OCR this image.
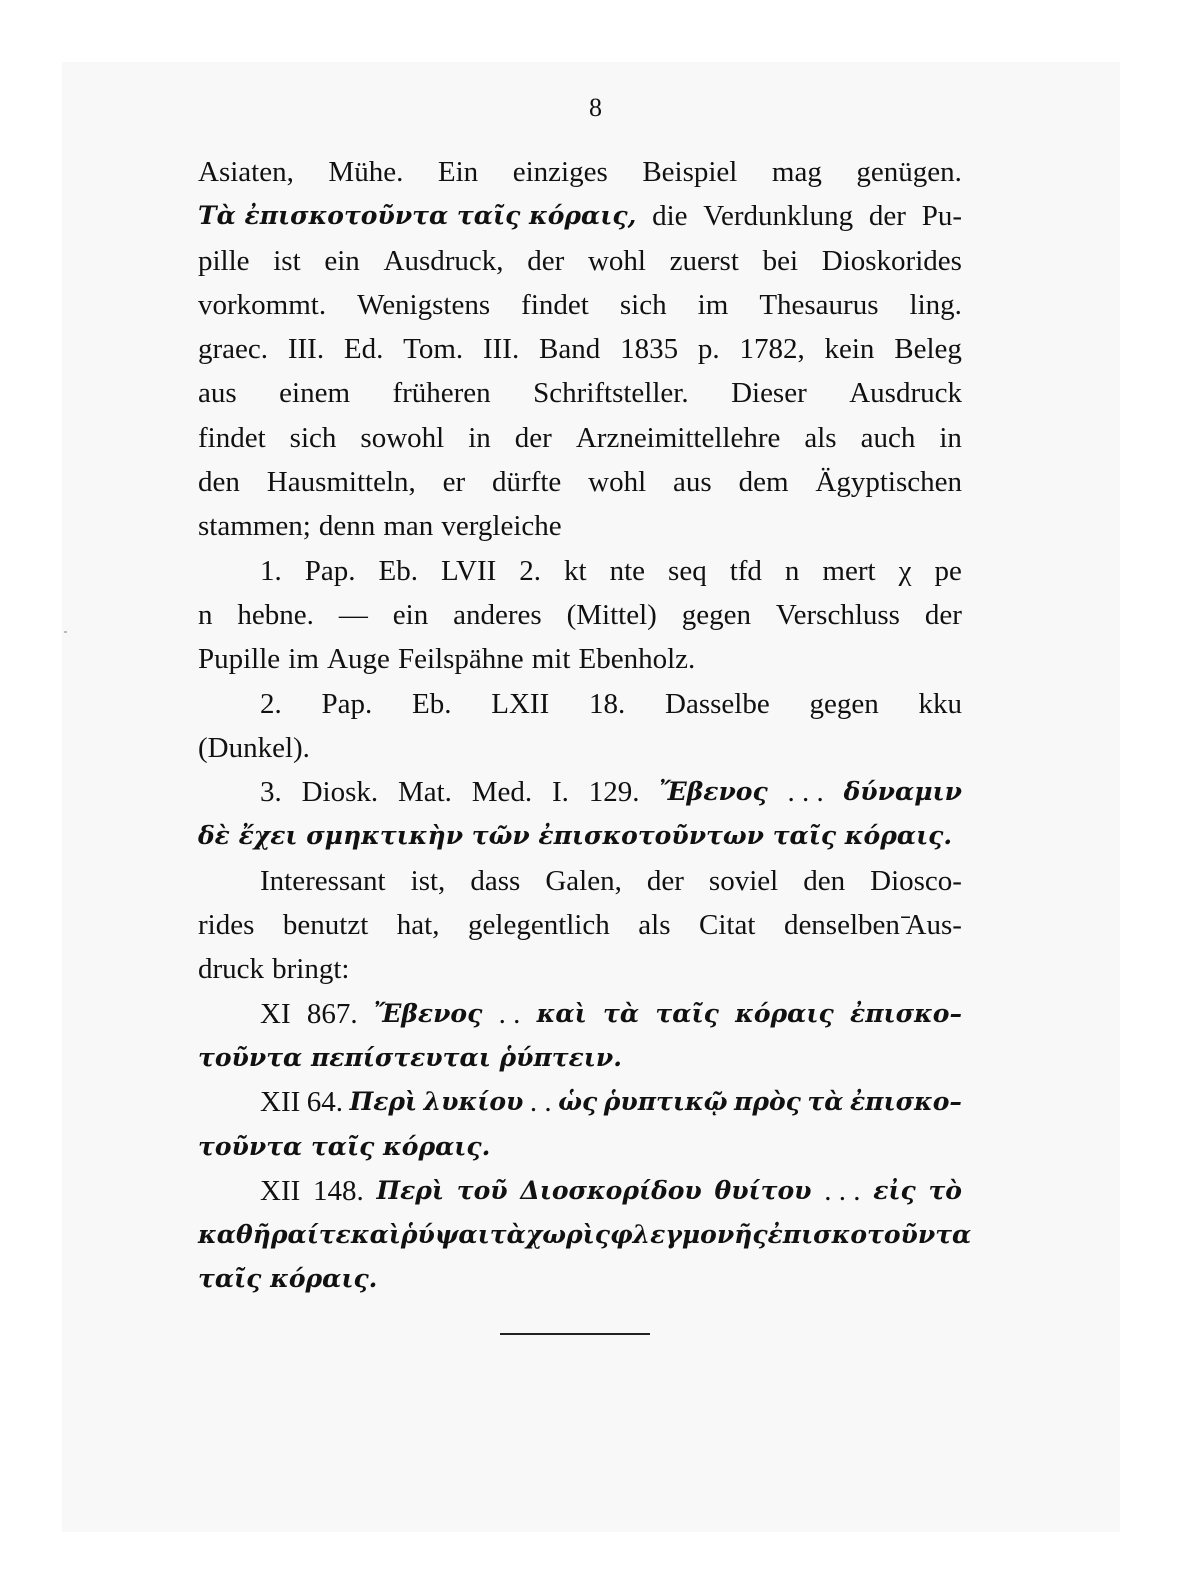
8
Asiaten, Mühe. Ein einziges Beispiel mag genügen.
Τὰ ἐπισκοτοῦντα ταῖς κόραις, die Verdunklung der Pu-
pille ist ein Ausdruck, der wohl zuerst bei Dioskorides
vorkommt. Wenigstens findet sich im Thesaurus ling.
graec. III. Ed. Tom. III. Band 1835 p. 1782, kein Beleg
aus einem früheren Schriftsteller. Dieser Ausdruck
findet sich sowohl in der Arzneimittellehre als auch in
den Hausmitteln, er dürfte wohl aus dem Ägyptischen
stammen; denn man vergleiche
1. Pap. Eb. LVII 2. kt nte seq tfd n mert χ pe
n hebne. — ein anderes (Mittel) gegen Verschluss der
Pupille im Auge Feilspähne mit Ebenholz.
2. Pap. Eb. LXII 18. Dasselbe gegen kku
(Dunkel).
3. Diosk. Mat. Med. I. 129. Ἔβενος . . . δύναμιν
δὲ ἔχει σμηκτικὴν τῶν ἐπισκοτοῦντων ταῖς κόραις.
Interessant ist, dass Galen, der soviel den Diosco-
rides benutzt hat, gelegentlich als Citat denselben ̄Aus-
druck bringt:
XI 867. Ἔβενος . . καὶ τὰ ταῖς κόραις ἐπισκο–
τοῦντα πεπίστευται ῥύπτειν.
XII 64. Περὶ λυκίου . . ὡς ῥυπτικῷ πρὸς τὰ ἐπισκο–
τοῦντα ταῖς κόραις.
XII 148. Περὶ τοῦ Διοσκορίδου θυίτου . . . εἰς τὸ
καθῆραί τε καὶ ῥύψαι τὰ χωρὶς φλεγμονῆς ἐπισκοτοῦντα
ταῖς κόραις.
